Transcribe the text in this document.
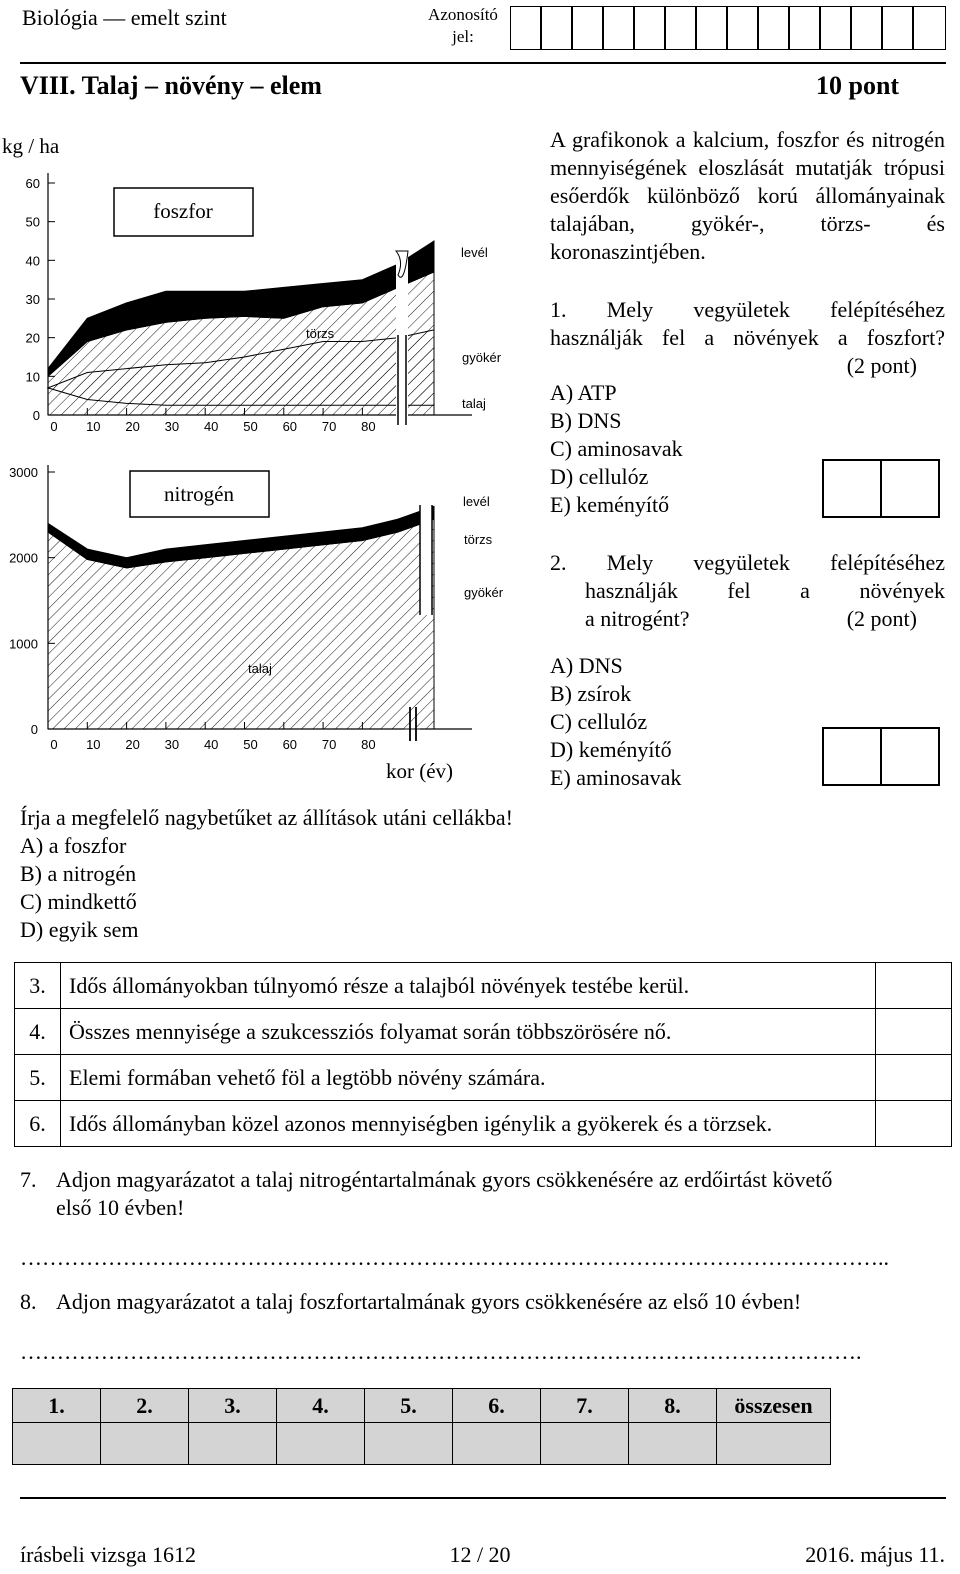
Biológia — emelt szint	Azonosító
jel:
VIII. Talaj – növény – elem	10 pont
kg / ha
60
50
40
30
20
10
0
0 10 20 30 40 50 60 70 80
foszfor
levél
törzs
gyökér
talaj
3000
2000
1000
0
0 10 20 30 40 50 60 70 80
nitrogén	levél
törzs
gyökér
talaj
kor (év)
A grafikonok a kalcium, foszfor és nitrogén mennyiségének eloszlását mutatják trópusi esőerdők különböző korú állományainak talajában, gyökér-, törzs- és koronaszintjében.
1. Mely vegyületek felépítéséhez
használják fel a növények a foszfort?
(2 pont)
A) ATP
B) DNS
C) aminosavak
D) cellulóz
E) keményítő
2. Mely vegyületek felépítéséhez
használják fel a növények
a nitrogént?	(2 pont)
A) DNS
B) zsírok
C) cellulóz
D) keményítő
E) aminosavak
Írja a megfelelő nagybetűket az állítások utáni cellákba!
A) a foszfor
B) a nitrogén
C) mindkettő
D) egyik sem
3.	Idős állományokban túlnyomó része a talajból növények testébe kerül.	
4.	Összes mennyisége a szukcessziós folyamat során többszörösére nő.	
5.	Elemi formában vehető föl a legtöbb növény számára.	
6.	Idős állományban közel azonos mennyiségben igénylik a gyökerek és a törzsek.	
7. Adjon magyarázatot a talaj nitrogéntartalmának gyors csökkenésére az erdőirtást követő
első 10 évben!
………………………………………………………………………………………………………..
8. Adjon magyarázatot a talaj foszfortartalmának gyors csökkenésére az első 10 évben!
…………………………………………………………………………………………………….
1.	2.	3.	4.	5.	6.	7.	8.	összesen

írásbeli vizsga 1612	12 / 20	2016. május 11.
